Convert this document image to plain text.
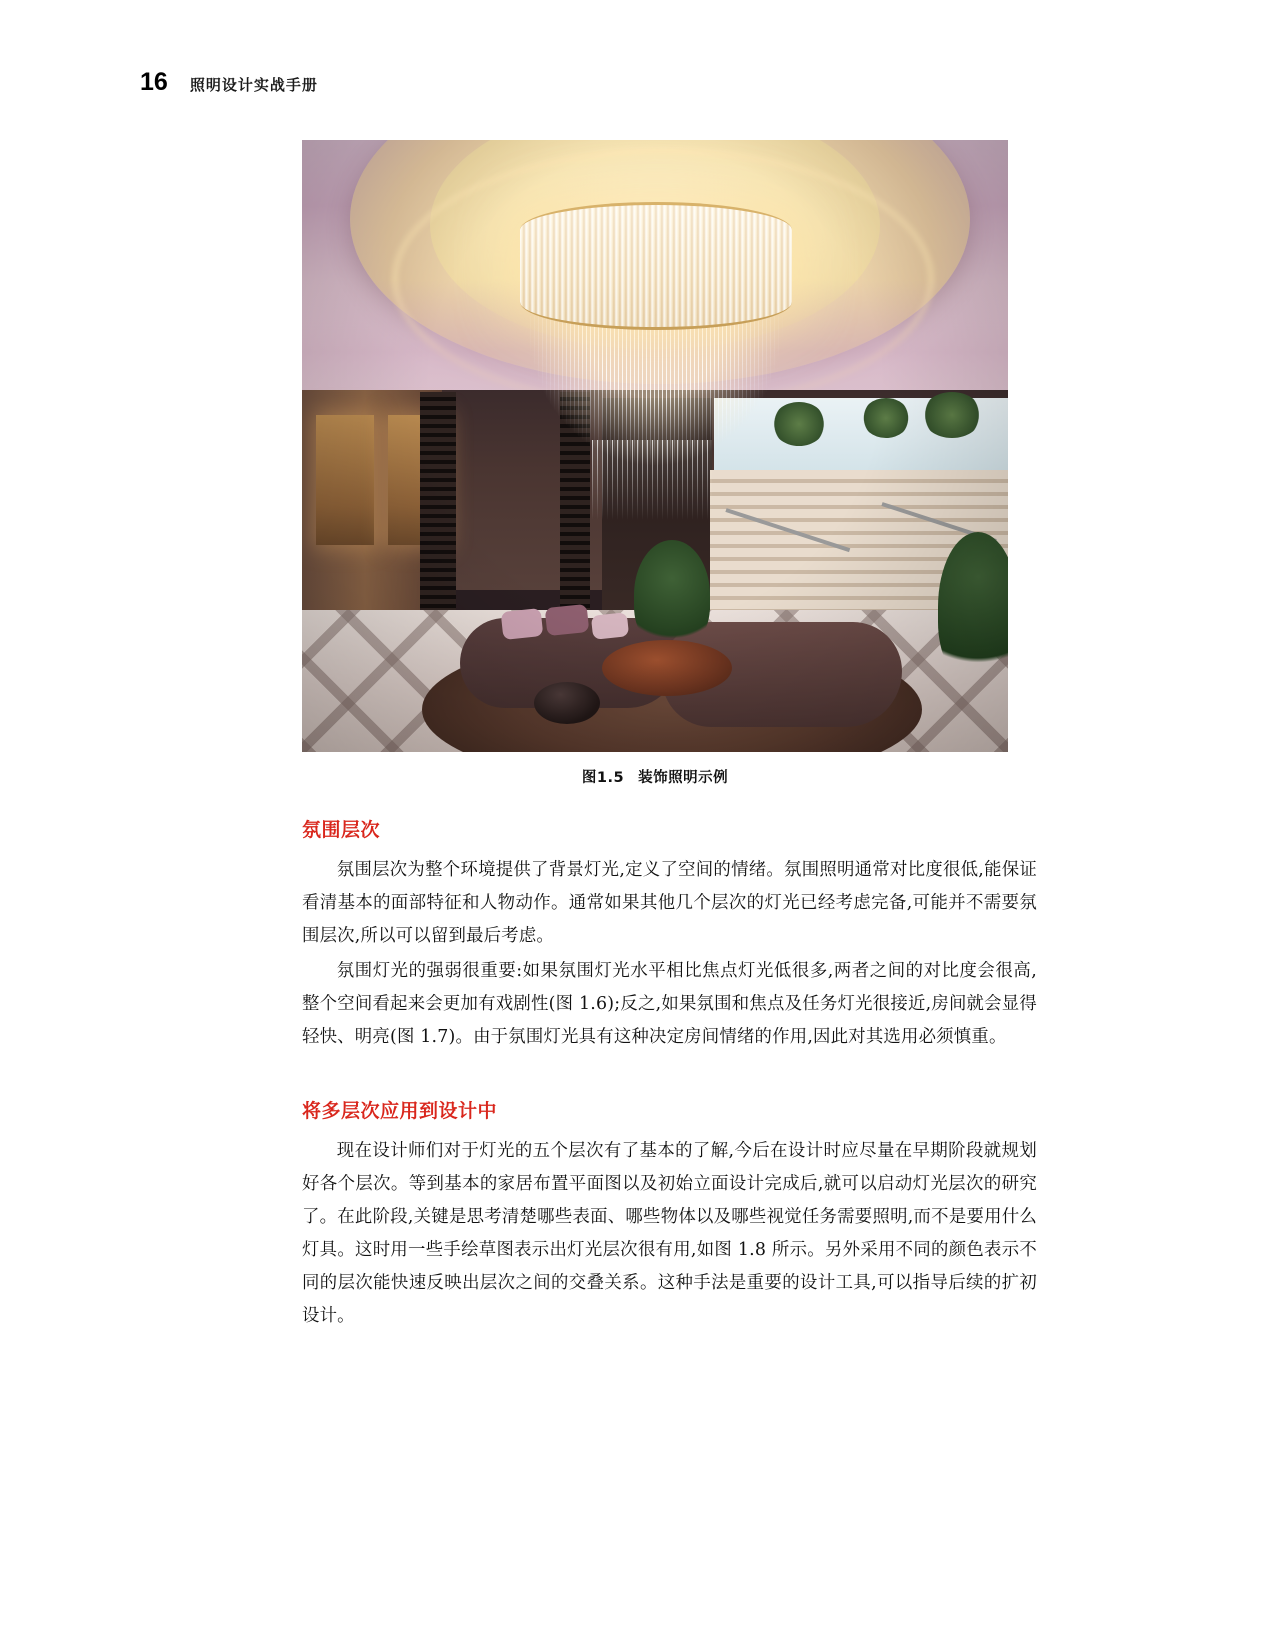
16 照明设计实战手册
图1.5 装饰照明示例
氛围层次

氛围层次为整个环境提供了背景灯光,定义了空间的情绪。氛围照明通常对比度很低,能保证看清基本的面部特征和人物动作。通常如果其他几个层次的灯光已经考虑完备,可能并不需要氛围层次,所以可以留到最后考虑。

氛围灯光的强弱很重要:如果氛围灯光水平相比焦点灯光低很多,两者之间的对比度会很高,整个空间看起来会更加有戏剧性(图 1.6);反之,如果氛围和焦点及任务灯光很接近,房间就会显得轻快、明亮(图 1.7)。由于氛围灯光具有这种决定房间情绪的作用,因此对其选用必须慎重。

将多层次应用到设计中

现在设计师们对于灯光的五个层次有了基本的了解,今后在设计时应尽量在早期阶段就规划好各个层次。等到基本的家居布置平面图以及初始立面设计完成后,就可以启动灯光层次的研究了。在此阶段,关键是思考清楚哪些表面、哪些物体以及哪些视觉任务需要照明,而不是要用什么灯具。这时用一些手绘草图表示出灯光层次很有用,如图 1.8 所示。另外采用不同的颜色表示不同的层次能快速反映出层次之间的交叠关系。这种手法是重要的设计工具,可以指导后续的扩初设计。
